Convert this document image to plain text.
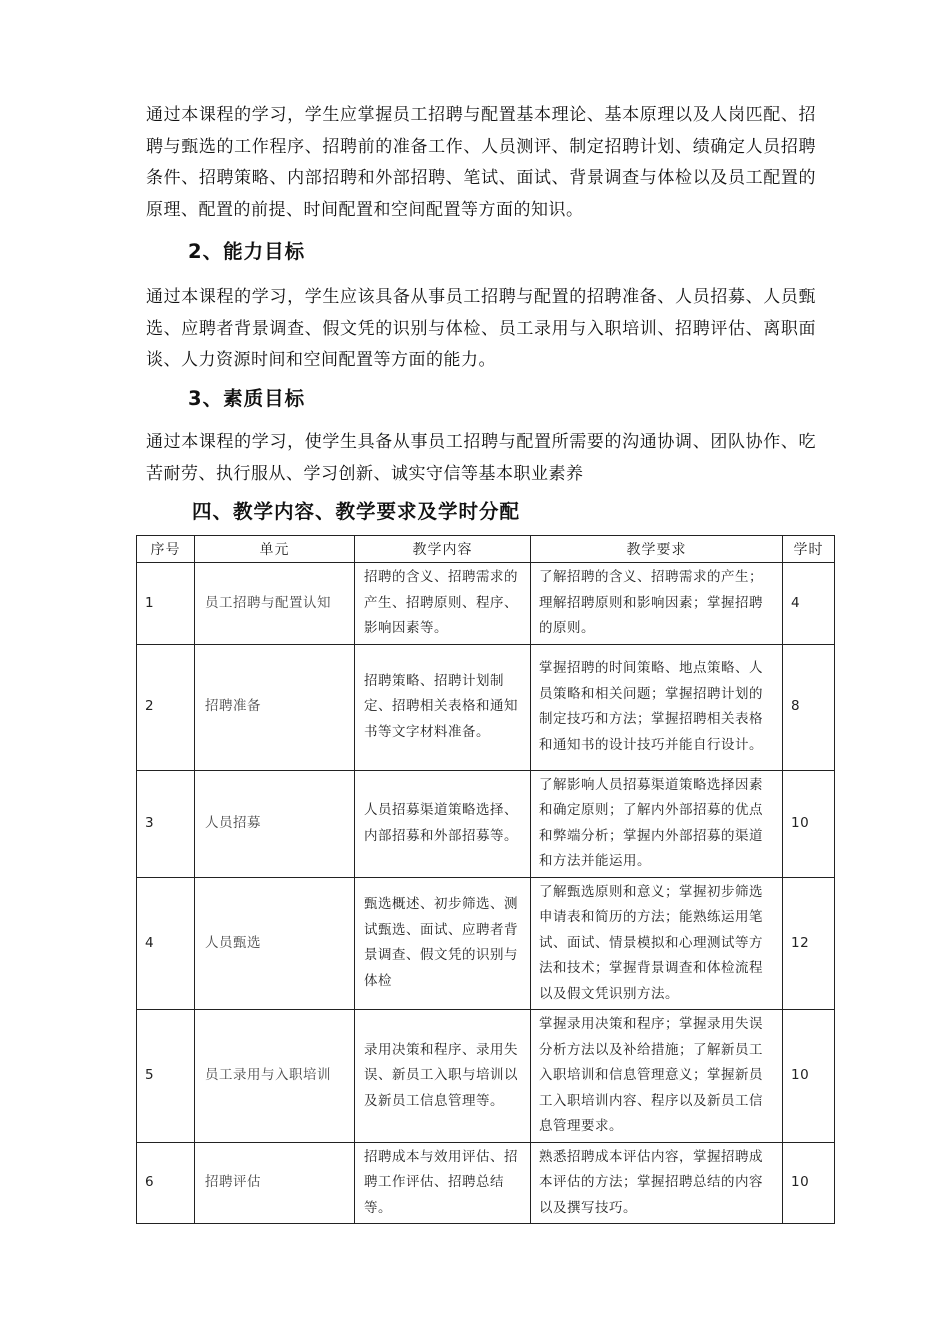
通过本课程的学习，学生应掌握员工招聘与配置基本理论、基本原理以及人岗匹配、招聘与甄选的工作程序、招聘前的准备工作、人员测评、制定招聘计划、绩确定人员招聘条件、招聘策略、内部招聘和外部招聘、笔试、面试、背景调查与体检以及员工配置的原理、配置的前提、时间配置和空间配置等方面的知识。
2、能力目标
通过本课程的学习，学生应该具备从事员工招聘与配置的招聘准备、人员招募、人员甄选、应聘者背景调查、假文凭的识别与体检、员工录用与入职培训、招聘评估、离职面谈、人力资源时间和空间配置等方面的能力。
3、素质目标
通过本课程的学习，使学生具备从事员工招聘与配置所需要的沟通协调、团队协作、吃苦耐劳、执行服从、学习创新、诚实守信等基本职业素养
四、教学内容、教学要求及学时分配
序号	单元	教学内容	教学要求	学时
1	员工招聘与配置认知	招聘的含义、招聘需求的产生、招聘原则、程序、影响因素等。	了解招聘的含义、招聘需求的产生；理解招聘原则和影响因素；掌握招聘的原则。	4
2	招聘准备	招聘策略、招聘计划制定、招聘相关表格和通知书等文字材料准备。	掌握招聘的时间策略、地点策略、人员策略和相关问题；掌握招聘计划的制定技巧和方法；掌握招聘相关表格和通知书的设计技巧并能自行设计。	8
3	人员招募	人员招募渠道策略选择、内部招募和外部招募等。	了解影响人员招募渠道策略选择因素和确定原则；了解内外部招募的优点和弊端分析；掌握内外部招募的渠道和方法并能运用。	10
4	人员甄选	甄选概述、初步筛选、测试甄选、面试、应聘者背景调查、假文凭的识别与体检	了解甄选原则和意义；掌握初步筛选申请表和简历的方法；能熟练运用笔试、面试、情景模拟和心理测试等方法和技术；掌握背景调查和体检流程以及假文凭识别方法。	12
5	员工录用与入职培训	录用决策和程序、录用失误、新员工入职与培训以及新员工信息管理等。	掌握录用决策和程序；掌握录用失误分析方法以及补给措施；了解新员工入职培训和信息管理意义；掌握新员工入职培训内容、程序以及新员工信息管理要求。	10
6	招聘评估	招聘成本与效用评估、招聘工作评估、招聘总结等。	熟悉招聘成本评估内容，掌握招聘成本评估的方法；掌握招聘总结的内容以及撰写技巧。	10
